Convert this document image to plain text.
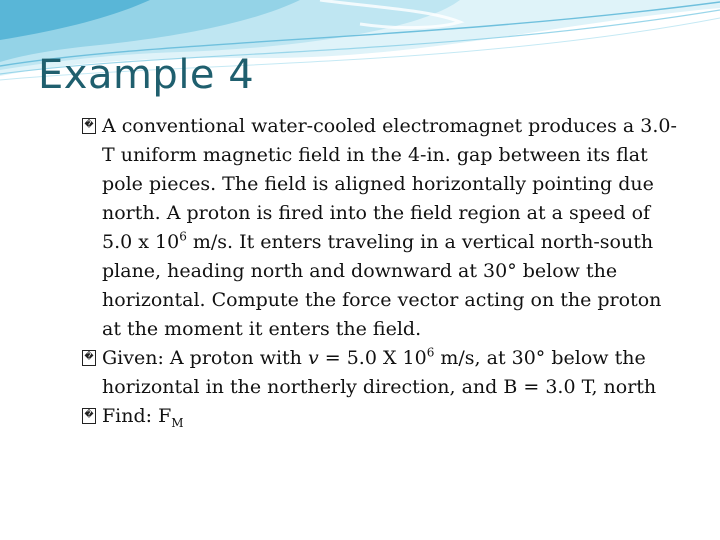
Example 4

� A conventional water-cooled electromagnet produces a 3.0-T uniform magnetic field in the 4-in. gap between its flat pole pieces. The field is aligned horizontally pointing due north. A proton is fired into the field region at a speed of 5.0 x $10^6$ m/s. It enters traveling in a vertical north-south plane, heading north and downward at 30° below the horizontal. Compute the force vector acting on the proton at the moment it enters the field.

� Given: A proton with v = 5.0 X $10^6$ m/s, at 30° below the horizontal in the northerly direction, and B = 3.0 T, north

� Find: $F_M$
